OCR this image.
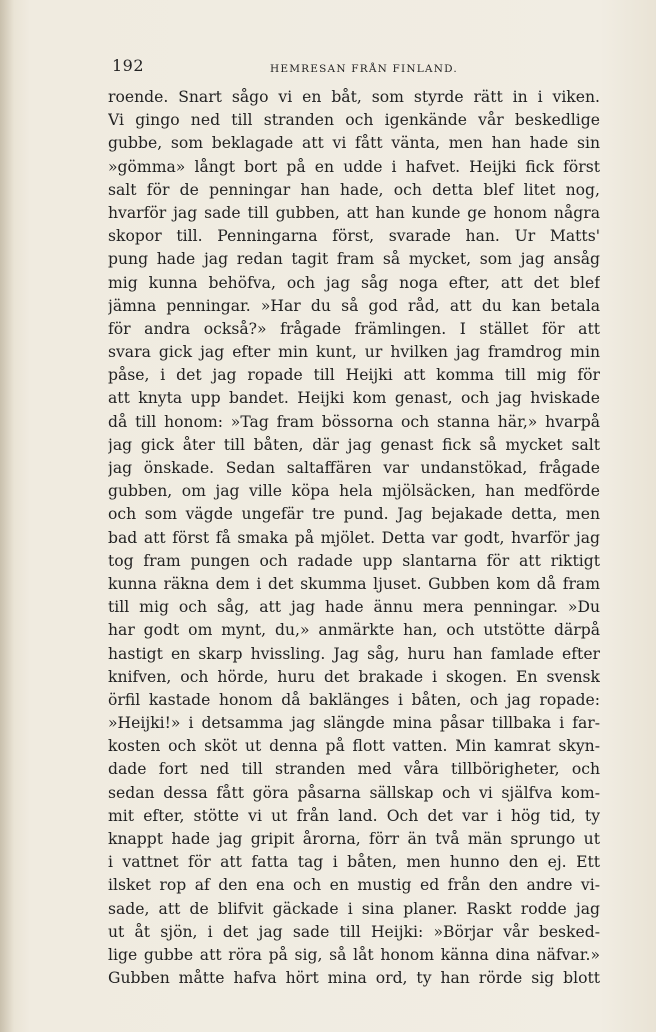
192	HEMRESAN FRÅN FINLAND.
roende. Snart sågo vi en båt, som styrde rätt in i viken.
Vi gingo ned till stranden och igenkände vår beskedlige
gubbe, som beklagade att vi fått vänta, men han hade sin
»gömma» långt bort på en udde i hafvet. Heijki fick först
salt för de penningar han hade, och detta blef litet nog,
hvarför jag sade till gubben, att han kunde ge honom några
skopor till. Penningarna först, svarade han. Ur Matts'
pung hade jag redan tagit fram så mycket, som jag ansåg
mig kunna behöfva, och jag såg noga efter, att det blef
jämna penningar. »Har du så god råd, att du kan betala
för andra också?» frågade främlingen. I stället för att
svara gick jag efter min kunt, ur hvilken jag framdrog min
påse, i det jag ropade till Heijki att komma till mig för
att knyta upp bandet. Heijki kom genast, och jag hviskade
då till honom: »Tag fram bössorna och stanna här,» hvarpå
jag gick åter till båten, där jag genast fick så mycket salt
jag önskade. Sedan saltaffären var undanstökad, frågade
gubben, om jag ville köpa hela mjölsäcken, han medförde
och som vägde ungefär tre pund. Jag bejakade detta, men
bad att först få smaka på mjölet. Detta var godt, hvarför jag
tog fram pungen och radade upp slantarna för att riktigt
kunna räkna dem i det skumma ljuset. Gubben kom då fram
till mig och såg, att jag hade ännu mera penningar. »Du
har godt om mynt, du,» anmärkte han, och utstötte därpå
hastigt en skarp hvissling. Jag såg, huru han famlade efter
knifven, och hörde, huru det brakade i skogen. En svensk
örfil kastade honom då baklänges i båten, och jag ropade:
»Heijki!» i detsamma jag slängde mina påsar tillbaka i far-
kosten och sköt ut denna på flott vatten. Min kamrat skyn-
dade fort ned till stranden med våra tillbörigheter, och
sedan dessa fått göra påsarna sällskap och vi själfva kom-
mit efter, stötte vi ut från land. Och det var i hög tid, ty
knappt hade jag gripit årorna, förr än två män sprungo ut
i vattnet för att fatta tag i båten, men hunno den ej. Ett
ilsket rop af den ena och en mustig ed från den andre vi-
sade, att de blifvit gäckade i sina planer. Raskt rodde jag
ut åt sjön, i det jag sade till Heijki: »Börjar vår besked-
lige gubbe att röra på sig, så låt honom känna dina näfvar.»
Gubben måtte hafva hört mina ord, ty han rörde sig blott
